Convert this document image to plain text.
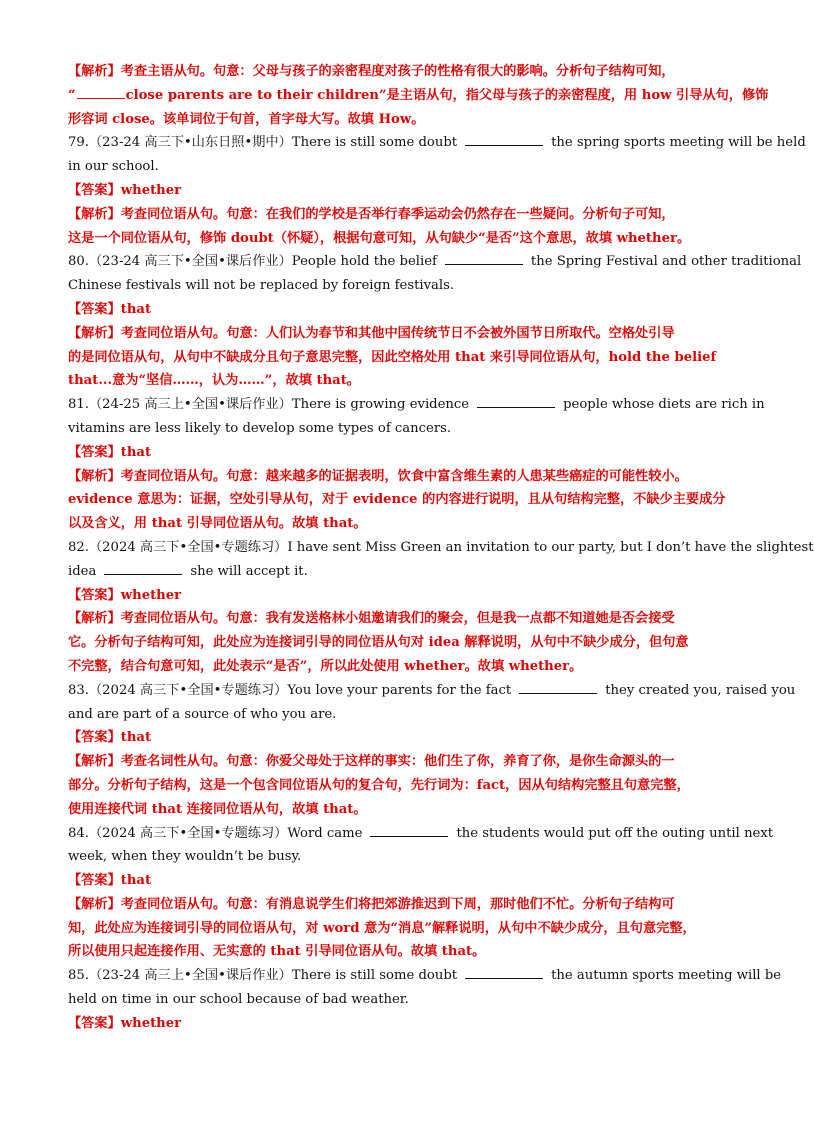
【解析】考查主语从句。句意：父母与孩子的亲密程度对孩子的性格有很大的影响。分析句子结构可知，
“	close parents are to their children”是主语从句，指父母与孩子的亲密程度，用 how 引导从句，修饰
形容词 close。该单词位于句首，首字母大写。故填 How。
79.（23-24 高三下•山东日照•期中）There is still some doubt	the spring sports meeting will be held
in our school.
【答案】whether
【解析】考查同位语从句。句意：在我们的学校是否举行春季运动会仍然存在一些疑问。分析句子可知，
这是一个同位语从句，修饰 doubt（怀疑），根据句意可知，从句缺少“是否”这个意思，故填 whether。
80.（23-24 高三下•全国•课后作业）People hold the belief	the Spring Festival and other traditional
Chinese festivals will not be replaced by foreign festivals.
【答案】that
【解析】考查同位语从句。句意：人们认为春节和其他中国传统节日不会被外国节日所取代。空格处引导
的是同位语从句，从句中不缺成分且句子意思完整，因此空格处用 that 来引导同位语从句，hold the belief
that...意为“坚信……，认为……”，故填 that。
81.（24-25 高三上•全国•课后作业）There is growing evidence	people whose diets are rich in
vitamins are less likely to develop some types of cancers.
【答案】that
【解析】考查同位语从句。句意：越来越多的证据表明，饮食中富含维生素的人患某些癌症的可能性较小。
evidence 意思为：证据，空处引导从句，对于 evidence 的内容进行说明，且从句结构完整，不缺少主要成分
以及含义，用 that 引导同位语从句。故填 that。
82.（2024 高三下•全国•专题练习）I have sent Miss Green an invitation to our party, but I don’t have the slightest
idea	she will accept it.
【答案】whether
【解析】考查同位语从句。句意：我有发送格林小姐邀请我们的聚会，但是我一点都不知道她是否会接受
它。分析句子结构可知，此处应为连接词引导的同位语从句对 idea 解释说明，从句中不缺少成分，但句意
不完整，结合句意可知，此处表示“是否”，所以此处使用 whether。故填 whether。
83.（2024 高三下•全国•专题练习）You love your parents for the fact	they created you, raised you
and are part of a source of who you are.
【答案】that
【解析】考查名词性从句。句意：你爱父母处于这样的事实：他们生了你，养育了你，是你生命源头的一
部分。分析句子结构，这是一个包含同位语从句的复合句，先行词为：fact，因从句结构完整且句意完整，
使用连接代词 that 连接同位语从句，故填 that。
84.（2024 高三下•全国•专题练习）Word came	the students would put off the outing until next
week, when they wouldn’t be busy.
【答案】that
【解析】考查同位语从句。句意：有消息说学生们将把郊游推迟到下周，那时他们不忙。分析句子结构可
知，此处应为连接词引导的同位语从句，对 word 意为“消息”解释说明，从句中不缺少成分，且句意完整，
所以使用只起连接作用、无实意的 that 引导同位语从句。故填 that。
85.（23-24 高三上•全国•课后作业）There is still some doubt	the autumn sports meeting will be
held on time in our school because of bad weather.
【答案】whether
